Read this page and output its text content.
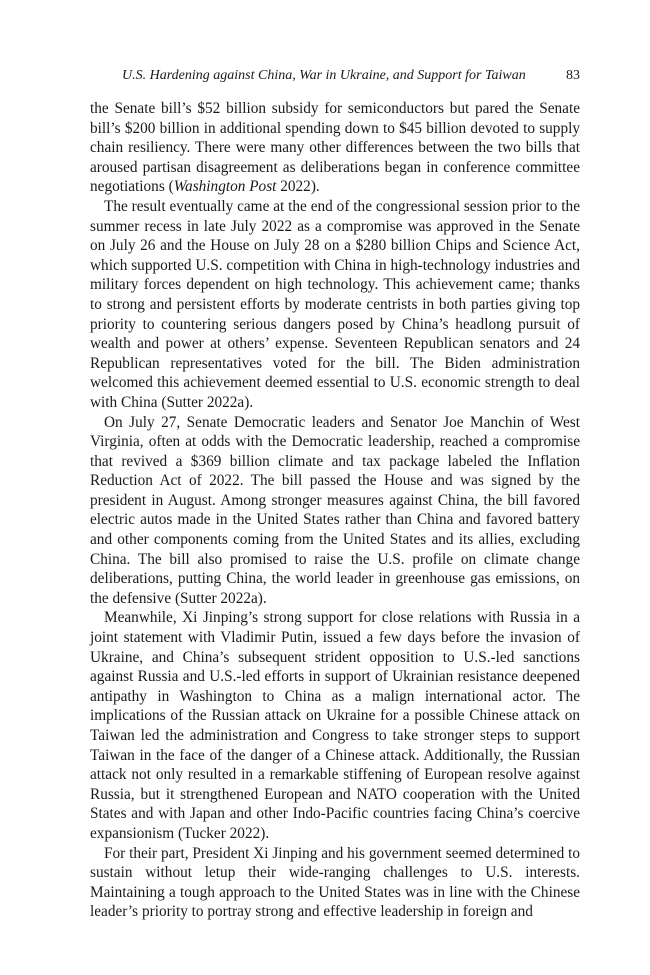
U.S. Hardening against China, War in Ukraine, and Support for Taiwan	83

the Senate bill’s $52 billion subsidy for semiconductors but pared the Senate bill’s $200 billion in additional spending down to $45 billion devoted to supply chain resiliency. There were many other differences between the two bills that aroused partisan disagreement as deliberations began in conference committee negotiations (Washington Post 2022).

The result eventually came at the end of the congressional session prior to the summer recess in late July 2022 as a compromise was approved in the Senate on July 26 and the House on July 28 on a $280 billion Chips and Science Act, which supported U.S. competition with China in high-technology industries and military forces dependent on high technology. This achievement came; thanks to strong and persistent efforts by moderate centrists in both parties giving top priority to countering serious dangers posed by China’s headlong pursuit of wealth and power at others’ expense. Seventeen Republican senators and 24 Republican representatives voted for the bill. The Biden administration welcomed this achievement deemed essential to U.S. economic strength to deal with China (Sutter 2022a).

On July 27, Senate Democratic leaders and Senator Joe Manchin of West Virginia, often at odds with the Democratic leadership, reached a compromise that revived a $369 billion climate and tax package labeled the Inflation Reduction Act of 2022. The bill passed the House and was signed by the president in August. Among stronger measures against China, the bill favored electric autos made in the United States rather than China and favored battery and other components coming from the United States and its allies, excluding China. The bill also promised to raise the U.S. profile on climate change deliberations, putting China, the world leader in greenhouse gas emissions, on the defensive (Sutter 2022a).

Meanwhile, Xi Jinping’s strong support for close relations with Russia in a joint statement with Vladimir Putin, issued a few days before the invasion of Ukraine, and China’s subsequent strident opposition to U.S.-led sanctions against Russia and U.S.-led efforts in support of Ukrainian resistance deepened antipathy in Washington to China as a malign international actor. The implications of the Russian attack on Ukraine for a possible Chinese attack on Taiwan led the administration and Congress to take stronger steps to support Taiwan in the face of the danger of a Chinese attack. Additionally, the Russian attack not only resulted in a remarkable stiffening of European resolve against Russia, but it strengthened European and NATO cooperation with the United States and with Japan and other Indo-Pacific countries facing China’s coercive expansionism (Tucker 2022).

For their part, President Xi Jinping and his government seemed determined to sustain without letup their wide-ranging challenges to U.S. interests. Maintaining a tough approach to the United States was in line with the Chinese leader’s priority to portray strong and effective leadership in foreign and
